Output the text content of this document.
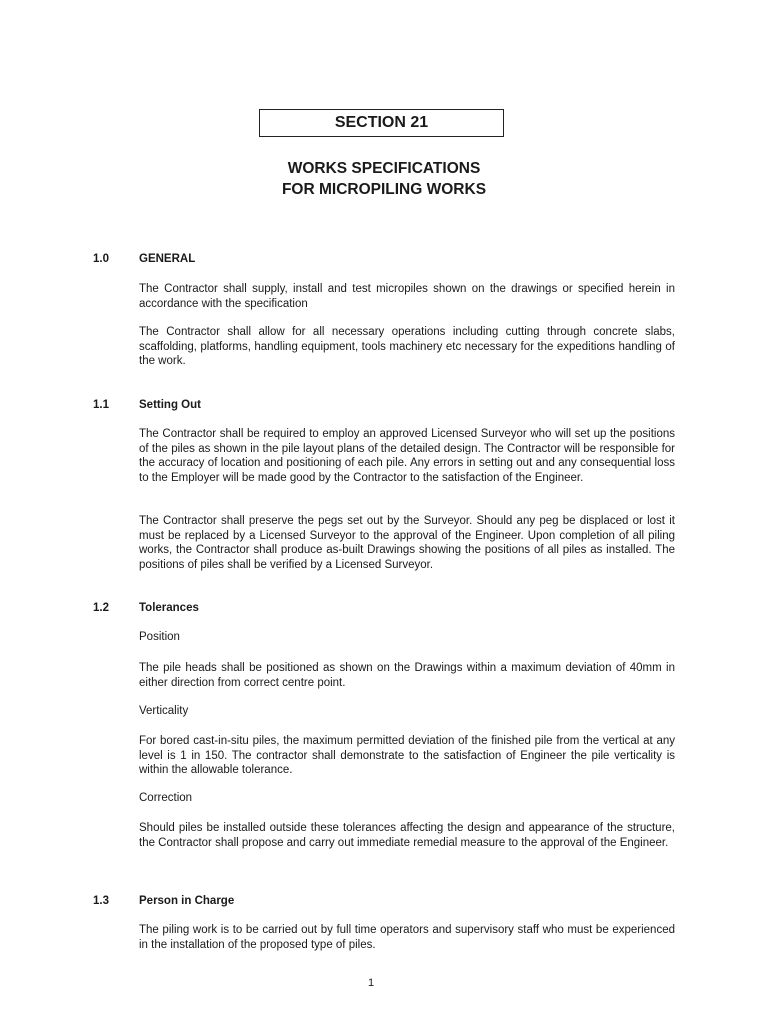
SECTION 21
WORKS SPECIFICATIONS
FOR MICROPILING WORKS
1.0	GENERAL

The Contractor shall supply, install and test micropiles shown on the drawings or specified herein in accordance with the specification

The Contractor shall allow for all necessary operations including cutting through concrete slabs, scaffolding, platforms, handling equipment, tools machinery etc necessary for the expeditions handling of the work.

1.1	Setting Out

The Contractor shall be required to employ an approved Licensed Surveyor who will set up the positions of the piles as shown in the pile layout plans of the detailed design. The Contractor will be responsible for the accuracy of location and positioning of each pile. Any errors in setting out and any consequential loss to the Employer will be made good by the Contractor to the satisfaction of the Engineer.

The Contractor shall preserve the pegs set out by the Surveyor. Should any peg be displaced or lost it must be replaced by a Licensed Surveyor to the approval of the Engineer. Upon completion of all piling works, the Contractor shall produce as-built Drawings showing the positions of all piles as installed. The positions of piles shall be verified by a Licensed Surveyor.

1.2	Tolerances
Position

The pile heads shall be positioned as shown on the Drawings within a maximum deviation of 40mm in either direction from correct centre point.

Verticality

For bored cast-in-situ piles, the maximum permitted deviation of the finished pile from the vertical at any level is 1 in 150. The contractor shall demonstrate to the satisfaction of Engineer the pile verticality is within the allowable tolerance.

Correction

Should piles be installed outside these tolerances affecting the design and appearance of the structure, the Contractor shall propose and carry out immediate remedial measure to the approval of the Engineer.

1.3	Person in Charge

The piling work is to be carried out by full time operators and supervisory staff who must be experienced in the installation of the proposed type of piles.

1
